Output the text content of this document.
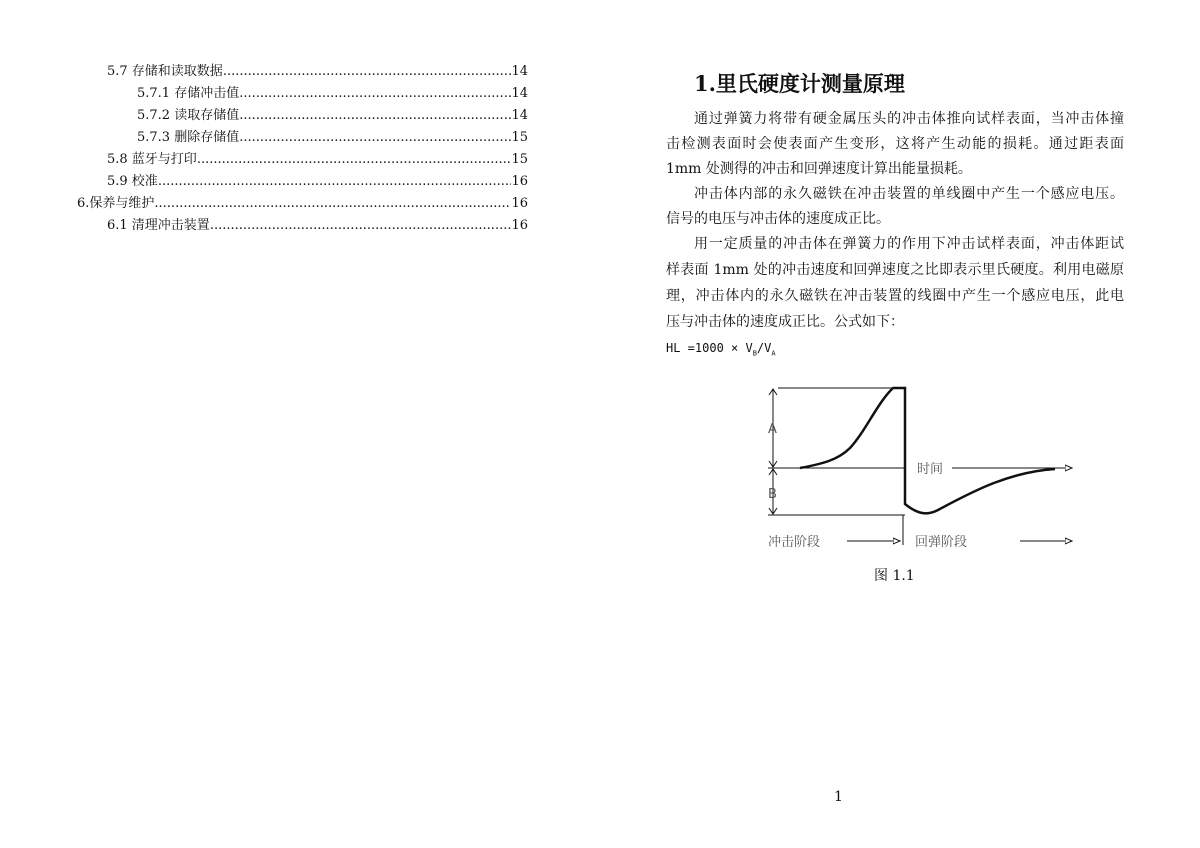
5.7 存储和读取数据 .....	14
5.7.1 存储冲击值 .....	14
5.7.2 读取存储值 .....	14
5.7.3 删除存储值 .....	15
5.8 蓝牙与打印 .....	15
5.9 校准 .....	16
6.保养与维护 .....	16
6.1 清理冲击装置 .....	16
1.里氏硬度计测量原理
通过弹簧力将带有硬金属压头的冲击体推向试样表面，当冲击体撞
击检测表面时会使表面产生变形，这将产生动能的损耗。通过距表面
1mm 处测得的冲击和回弹速度计算出能量损耗。
冲击体内部的永久磁铁在冲击装置的单线圈中产生一个感应电压。
信号的电压与冲击体的速度成正比。
用一定质量的冲击体在弹簧力的作用下冲击试样表面，冲击体距试
样表面 1mm 处的冲击速度和回弹速度之比即表示里氏硬度。利用电磁原
理，冲击体内的永久磁铁在冲击装置的线圈中产生一个感应电压，此电
压与冲击体的速度成正比。公式如下：
HL $=1000 \times V_B/V_A$
A
B
时间
冲击阶段	回弹阶段
图 1.1
1
